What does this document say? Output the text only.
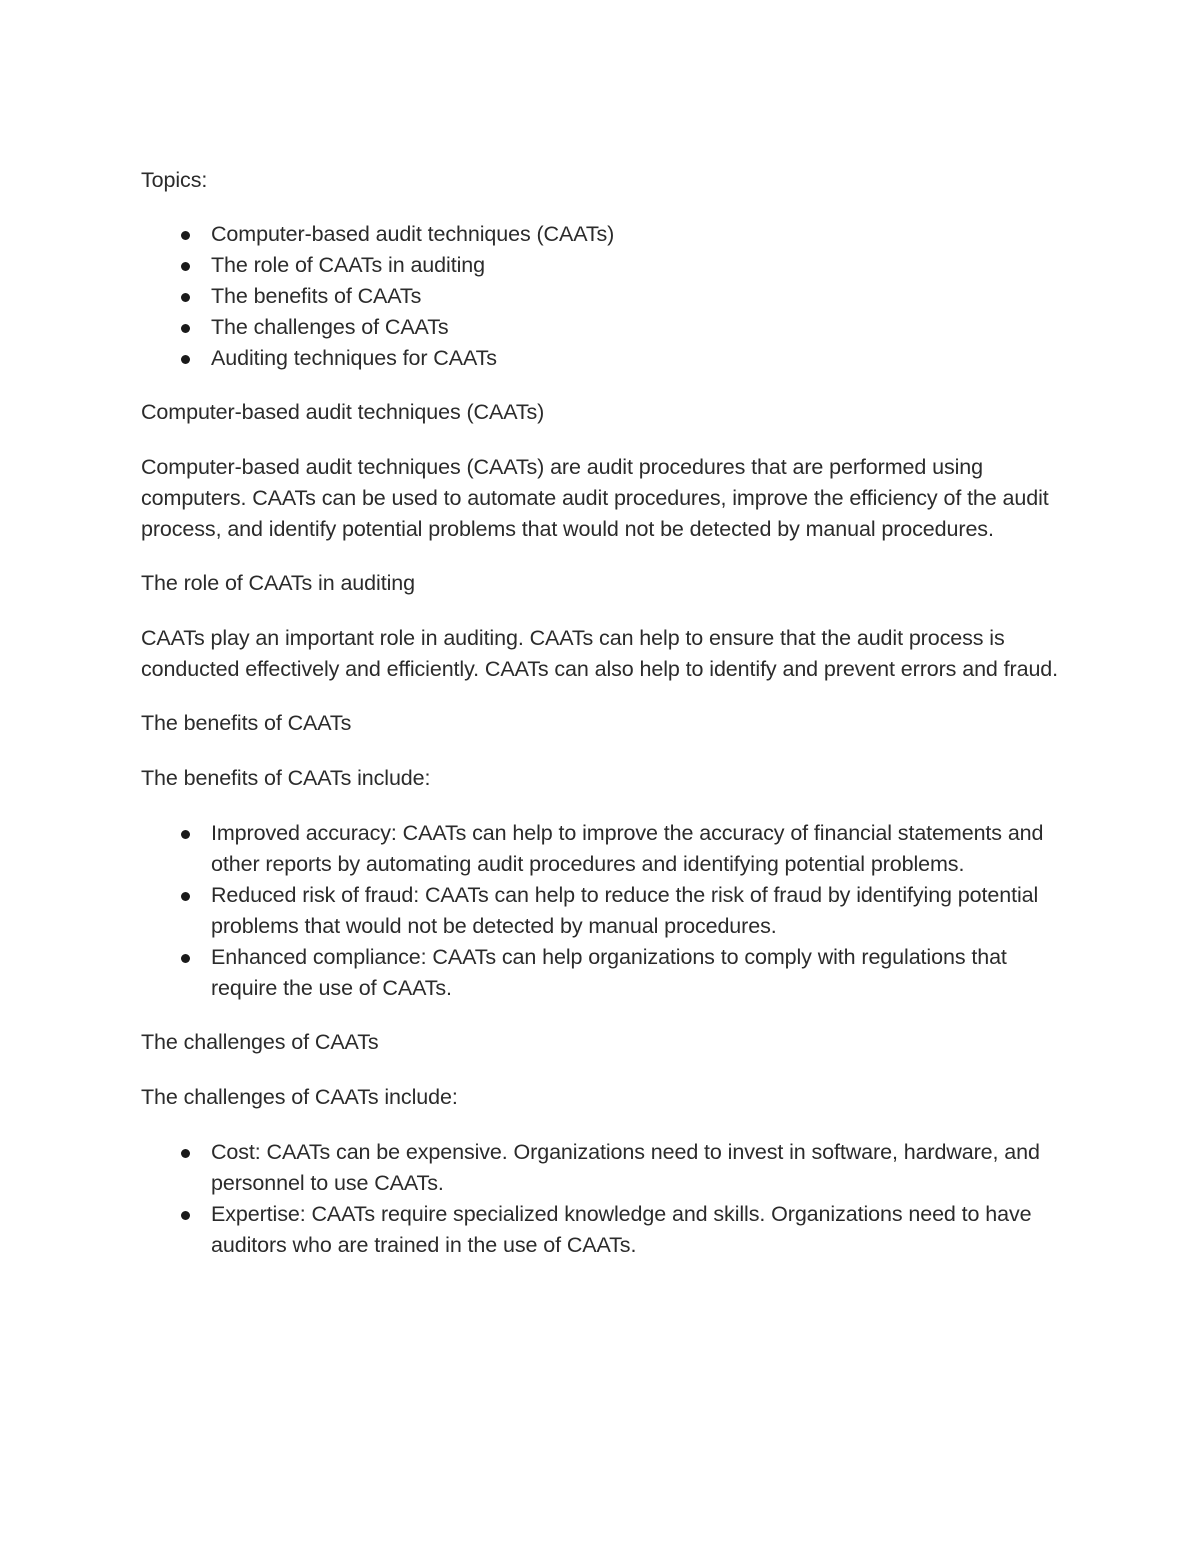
Topics:

Computer-based audit techniques (CAATs)
The role of CAATs in auditing
The benefits of CAATs
The challenges of CAATs
Auditing techniques for CAATs

Computer-based audit techniques (CAATs)

Computer-based audit techniques (CAATs) are audit procedures that are performed using computers. CAATs can be used to automate audit procedures, improve the efficiency of the audit process, and identify potential problems that would not be detected by manual procedures.

The role of CAATs in auditing

CAATs play an important role in auditing. CAATs can help to ensure that the audit process is conducted effectively and efficiently. CAATs can also help to identify and prevent errors and fraud.

The benefits of CAATs

The benefits of CAATs include:

Improved accuracy: CAATs can help to improve the accuracy of financial statements and other reports by automating audit procedures and identifying potential problems.
Reduced risk of fraud: CAATs can help to reduce the risk of fraud by identifying potential problems that would not be detected by manual procedures.
Enhanced compliance: CAATs can help organizations to comply with regulations that require the use of CAATs.

The challenges of CAATs

The challenges of CAATs include:

Cost: CAATs can be expensive. Organizations need to invest in software, hardware, and personnel to use CAATs.
Expertise: CAATs require specialized knowledge and skills. Organizations need to have auditors who are trained in the use of CAATs.
